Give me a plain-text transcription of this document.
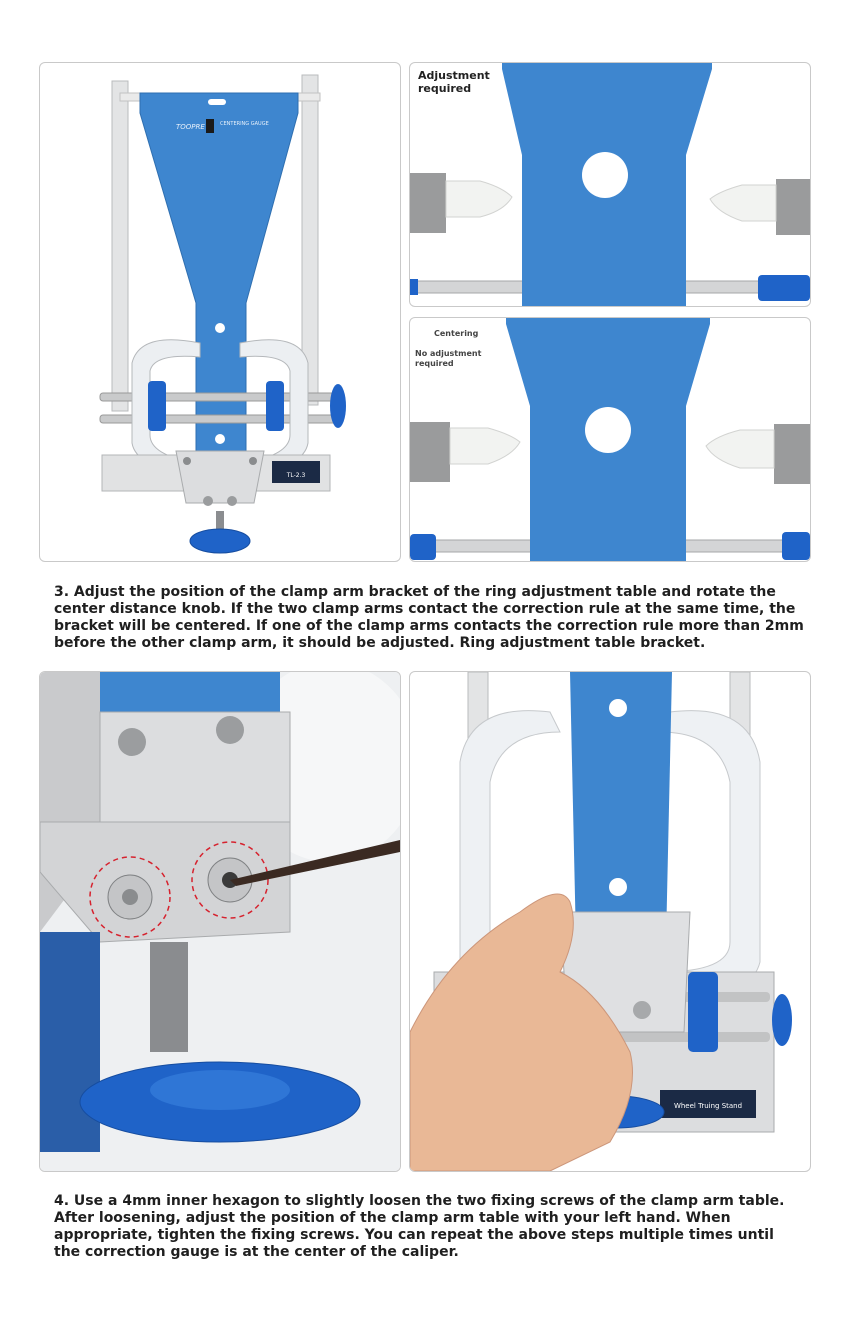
TOOPRE	CENTERING GAUGE
TL-2.3
Adjustment
required
Centering
No adjustment
required

3. Adjust the position of the clamp arm bracket of the ring adjustment table and rotate the center distance knob. If the two clamp arms contact the correction rule at the same time, the bracket will be centered. If one of the clamp arms contacts the correction rule more than 2mm before the other clamp arm, it should be adjusted. Ring adjustment table bracket.

Wheel Truing Stand

4. Use a 4mm inner hexagon to slightly loosen the two fixing screws of the clamp arm table. After loosening, adjust the position of the clamp arm table with your left hand. When appropriate, tighten the fixing screws. You can repeat the above steps multiple times until the correction gauge is at the center of the caliper.
